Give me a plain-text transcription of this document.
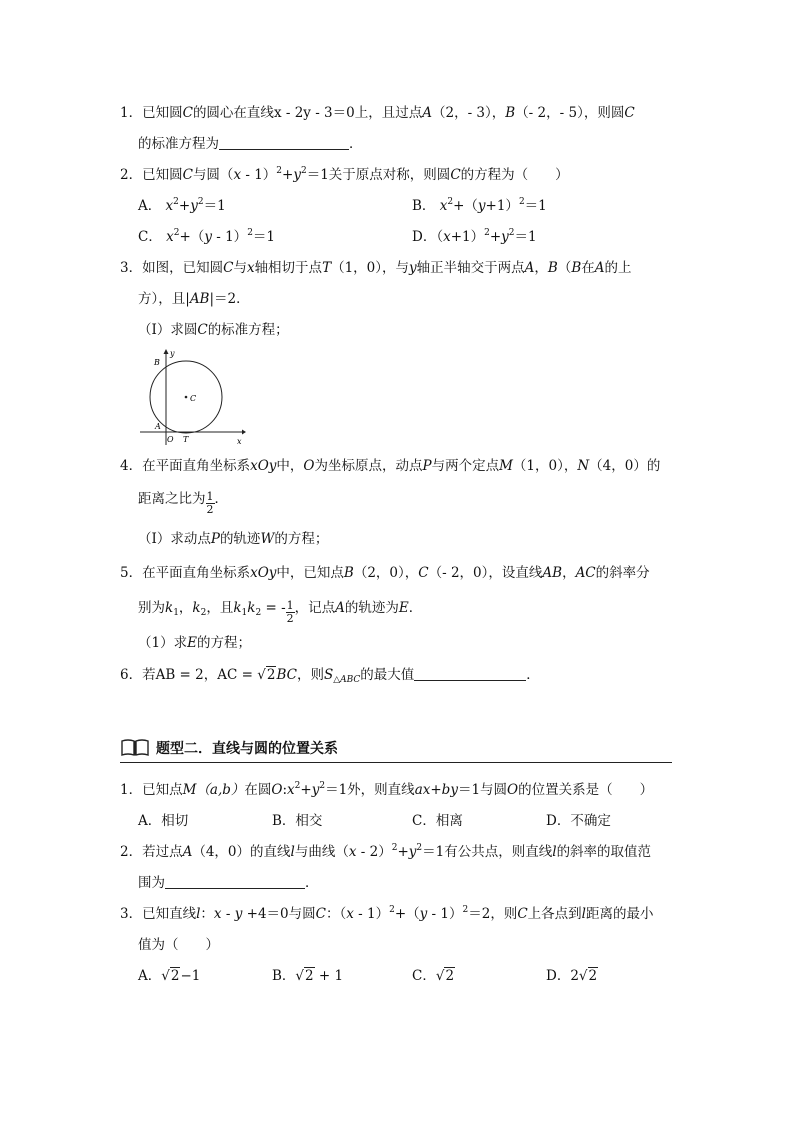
1．已知圆C的圆心在直线x - 2y - 3＝0上，且过点A（2，- 3），B（- 2，- 5），则圆C
的标准方程为	．
2．已知圆C与圆$(x - 1)^2+y^2=1$关于原点对称，则圆C的方程为（　　）
A． $x^2+y^2=1$	B． $x^2+(y+1)^2=1$
C． $x^2+(y - 1)^2=1$	D．$(x+1)^2+y^2=1$
3．如图，已知圆C与x轴相切于点T（1，0），与y轴正半轴交于两点A，B（B在A的上
方），且|AB|＝2．
（Ⅰ）求圆C的标准方程；
B
y
C
A
O T	x
4．在平面直角坐标系xOy中，O为坐标原点，动点P与两个定点M（1，0），N（4，0）的
距离之比为 $\frac{1}{2}$ ．
（Ⅰ）求动点P的轨迹W的方程；
5．在平面直角坐标系xOy中，已知点B（2，0），C（- 2，0），设直线AB，AC的斜率分
别为$k_1$，$k_2$，且$k_1k_2$ = - $\frac{1}{2}$ ，记点A的轨迹为E．
（1）求E的方程；
6．若AB = 2，AC = √2BC，则$S_{\triangle ABC}$的最大值	．
题型二．直线与圆的位置关系
1．已知点M（a,b）在圆$O:x^2+y^2=1$外，则直线ax+by＝1与圆O的位置关系是（　　）
A．相切	B．相交	C．相离	D．不确定
2．若过点A（4，0）的直线l与曲线$(x - 2)^2+y^2=1$有公共点，则直线l的斜率的取值范
围为	．
3．已知直线l：x - y +4＝0与圆C：（x - 1）$^2$+（y - 1）$^2$＝2，则C上各点到l距离的最小
值为（　　）
A．√2−1	B．√2 + 1	C．√2	D．2√2
